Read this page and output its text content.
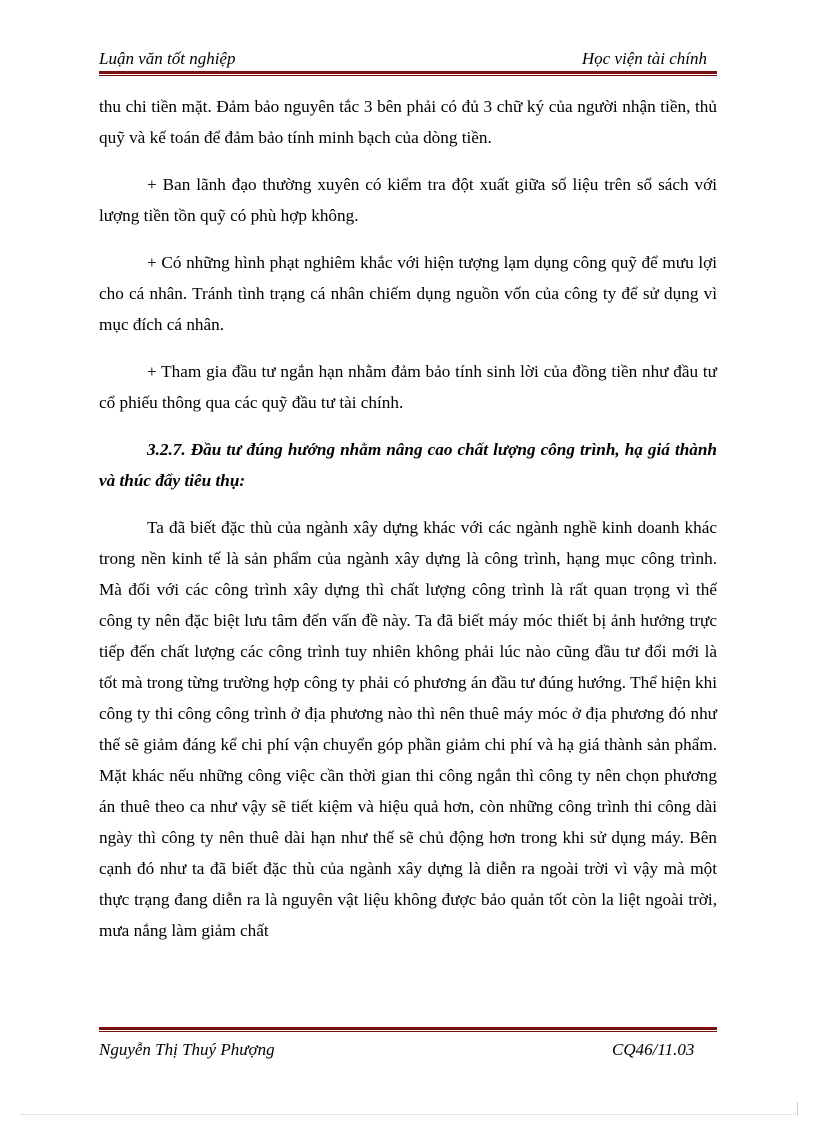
Luận văn tốt nghiệp	Học viện tài chính

thu chi tiền mặt. Đảm bảo nguyên tắc 3 bên phải có đủ 3 chữ ký của người nhận tiền, thủ quỹ và kế toán để đảm bảo tính minh bạch của dòng tiền.

+ Ban lãnh đạo thường xuyên có kiểm tra đột xuất giữa số liệu trên sổ sách với lượng tiền tồn quỹ có phù hợp không.

+ Có những hình phạt nghiêm khắc với hiện tượng lạm dụng công quỹ để mưu lợi cho cá nhân. Tránh tình trạng cá nhân chiếm dụng nguồn vốn của công ty để sử dụng vì mục đích cá nhân.

+ Tham gia đầu tư ngắn hạn nhằm đảm bảo tính sinh lời của đồng tiền như đầu tư cổ phiếu thông qua các quỹ đầu tư tài chính.

3.2.7. Đầu tư đúng hướng nhằm nâng cao chất lượng công trình, hạ giá thành và thúc đẩy tiêu thụ:

Ta đã biết đặc thù của ngành xây dựng khác với các ngành nghề kinh doanh khác trong nền kinh tế là sản phẩm của ngành xây dựng là công trình, hạng mục công trình. Mà đối với các công trình xây dựng thì chất lượng công trình là rất quan trọng vì thế công ty nên đặc biệt lưu tâm đến vấn đề này. Ta đã biết máy móc thiết bị ảnh hưởng trực tiếp đến chất lượng các công trình tuy nhiên không phải lúc nào cũng đầu tư đổi mới là tốt mà trong từng trường hợp công ty phải có phương án đầu tư đúng hướng. Thể hiện khi công ty thi công công trình ở địa phương nào thì nên thuê máy móc ở địa phương đó như thế sẽ giảm đáng kể chi phí vận chuyển góp phần giảm chi phí và hạ giá thành sản phẩm. Mặt khác nếu những công việc cần thời gian thi công ngắn thì công ty nên chọn phương án thuê theo ca như vậy sẽ tiết kiệm và hiệu quả hơn, còn những công trình thi công dài ngày thì công ty nên thuê dài hạn như thế sẽ chủ động hơn trong khi sử dụng máy. Bên cạnh đó như ta đã biết đặc thù của ngành xây dựng là diễn ra ngoài trời vì vậy mà một thực trạng đang diễn ra là nguyên vật liệu không được bảo quản tốt còn la liệt ngoài trời, mưa nắng làm giảm chất

Nguyễn Thị Thuý Phượng	CQ46/11.03
